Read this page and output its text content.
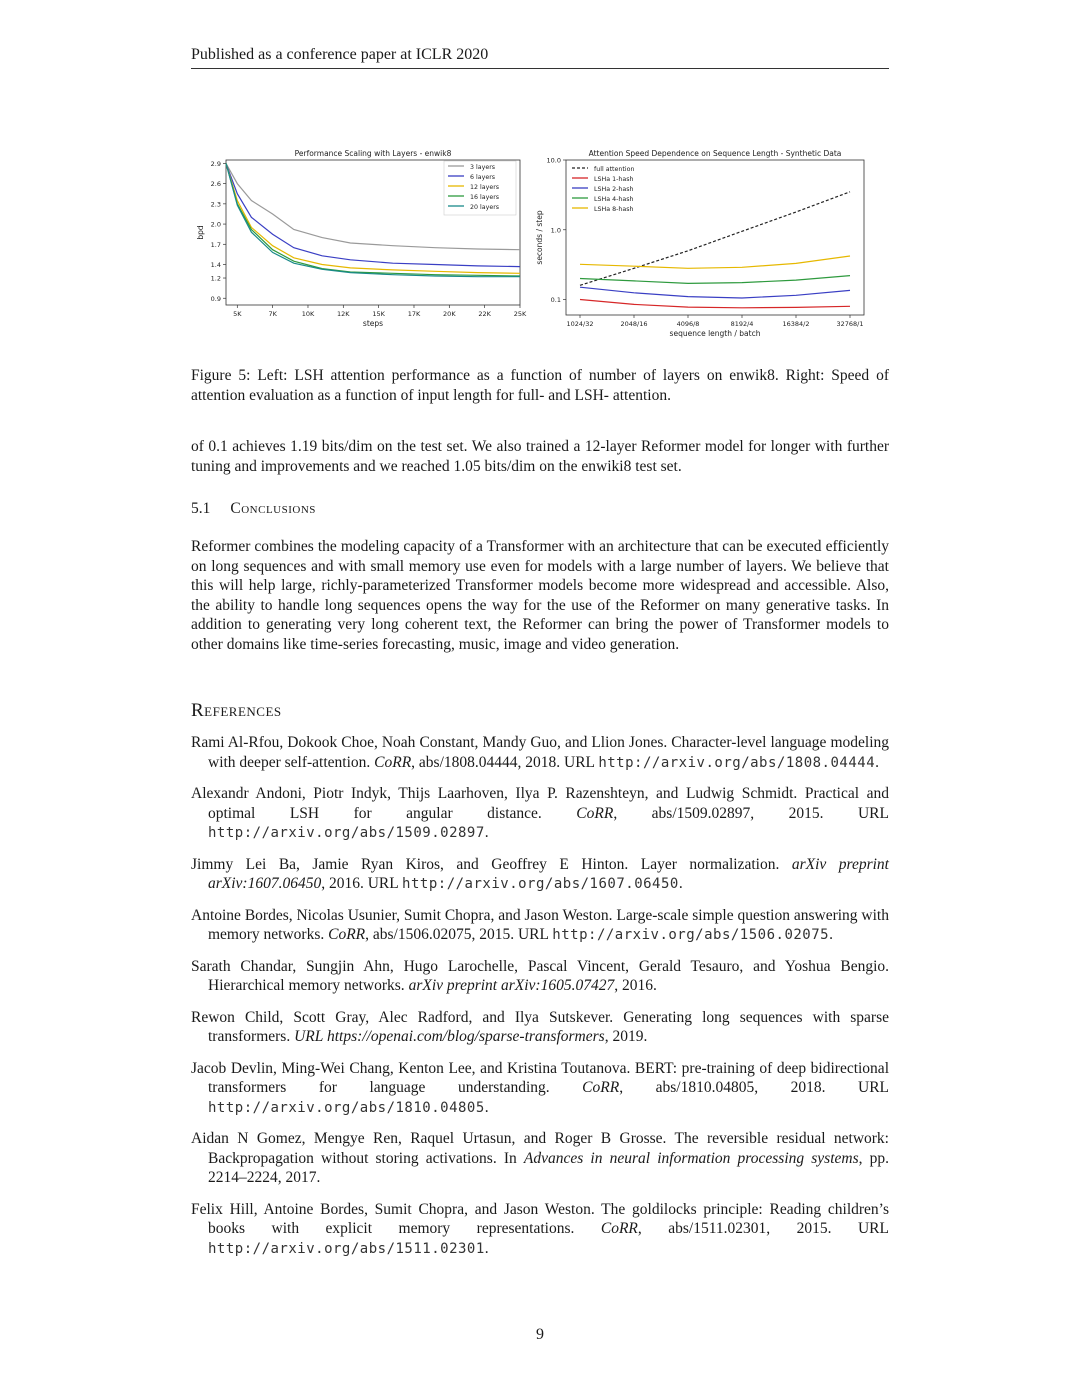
Published as a conference paper at ICLR 2020
Performance Scaling with Layers - enwik8
0.9
1.2
1.4
1.7
2.0
2.3
2.6
2.9
5K	7K	10K	12K	15K	17K	20K	22K	25K
steps
bpd
3 layers
6 layers
12 layers
16 layers
20 layers
Attention Speed Dependence on Sequence Length - Synthetic Data
0.1
1.0
10.0
1024/32	2048/16	4096/8	8192/4	16384/2	32768/1
sequence length / batch
seconds / step
full attention
LSHa 1-hash
LSHa 2-hash
LSHa 4-hash
LSHa 8-hash
Figure 5: Left: LSH attention performance as a function of number of layers on enwik8. Right: Speed of attention evaluation as a function of input length for full- and LSH- attention.

of 0.1 achieves 1.19 bits/dim on the test set. We also trained a 12-layer Reformer model for longer with further tuning and improvements and we reached 1.05 bits/dim on the enwiki8 test set.

5.1 Conclusions

Reformer combines the modeling capacity of a Transformer with an architecture that can be executed efficiently on long sequences and with small memory use even for models with a large number of layers. We believe that this will help large, richly-parameterized Transformer models become more widespread and accessible. Also, the ability to handle long sequences opens the way for the use of the Reformer on many generative tasks. In addition to generating very long coherent text, the Reformer can bring the power of Transformer models to other domains like time-series forecasting, music, image and video generation.

References

Rami Al-Rfou, Dokook Choe, Noah Constant, Mandy Guo, and Llion Jones. Character-level language modeling with deeper self-attention. CoRR, abs/1808.04444, 2018. URL http://arxiv.org/abs/1808.04444.

Alexandr Andoni, Piotr Indyk, Thijs Laarhoven, Ilya P. Razenshteyn, and Ludwig Schmidt. Practical and optimal LSH for angular distance. CoRR, abs/1509.02897, 2015. URL http://arxiv.org/abs/1509.02897.

Jimmy Lei Ba, Jamie Ryan Kiros, and Geoffrey E Hinton. Layer normalization. arXiv preprint arXiv:1607.06450, 2016. URL http://arxiv.org/abs/1607.06450.

Antoine Bordes, Nicolas Usunier, Sumit Chopra, and Jason Weston. Large-scale simple question answering with memory networks. CoRR, abs/1506.02075, 2015. URL http://arxiv.org/abs/1506.02075.

Sarath Chandar, Sungjin Ahn, Hugo Larochelle, Pascal Vincent, Gerald Tesauro, and Yoshua Bengio. Hierarchical memory networks. arXiv preprint arXiv:1605.07427, 2016.

Rewon Child, Scott Gray, Alec Radford, and Ilya Sutskever. Generating long sequences with sparse transformers. URL https://openai.com/blog/sparse-transformers, 2019.

Jacob Devlin, Ming-Wei Chang, Kenton Lee, and Kristina Toutanova. BERT: pre-training of deep bidirectional transformers for language understanding. CoRR, abs/1810.04805, 2018. URL http://arxiv.org/abs/1810.04805.

Aidan N Gomez, Mengye Ren, Raquel Urtasun, and Roger B Grosse. The reversible residual network: Backpropagation without storing activations. In Advances in neural information processing systems, pp. 2214–2224, 2017.

Felix Hill, Antoine Bordes, Sumit Chopra, and Jason Weston. The goldilocks principle: Reading children’s books with explicit memory representations. CoRR, abs/1511.02301, 2015. URL http://arxiv.org/abs/1511.02301.

9
